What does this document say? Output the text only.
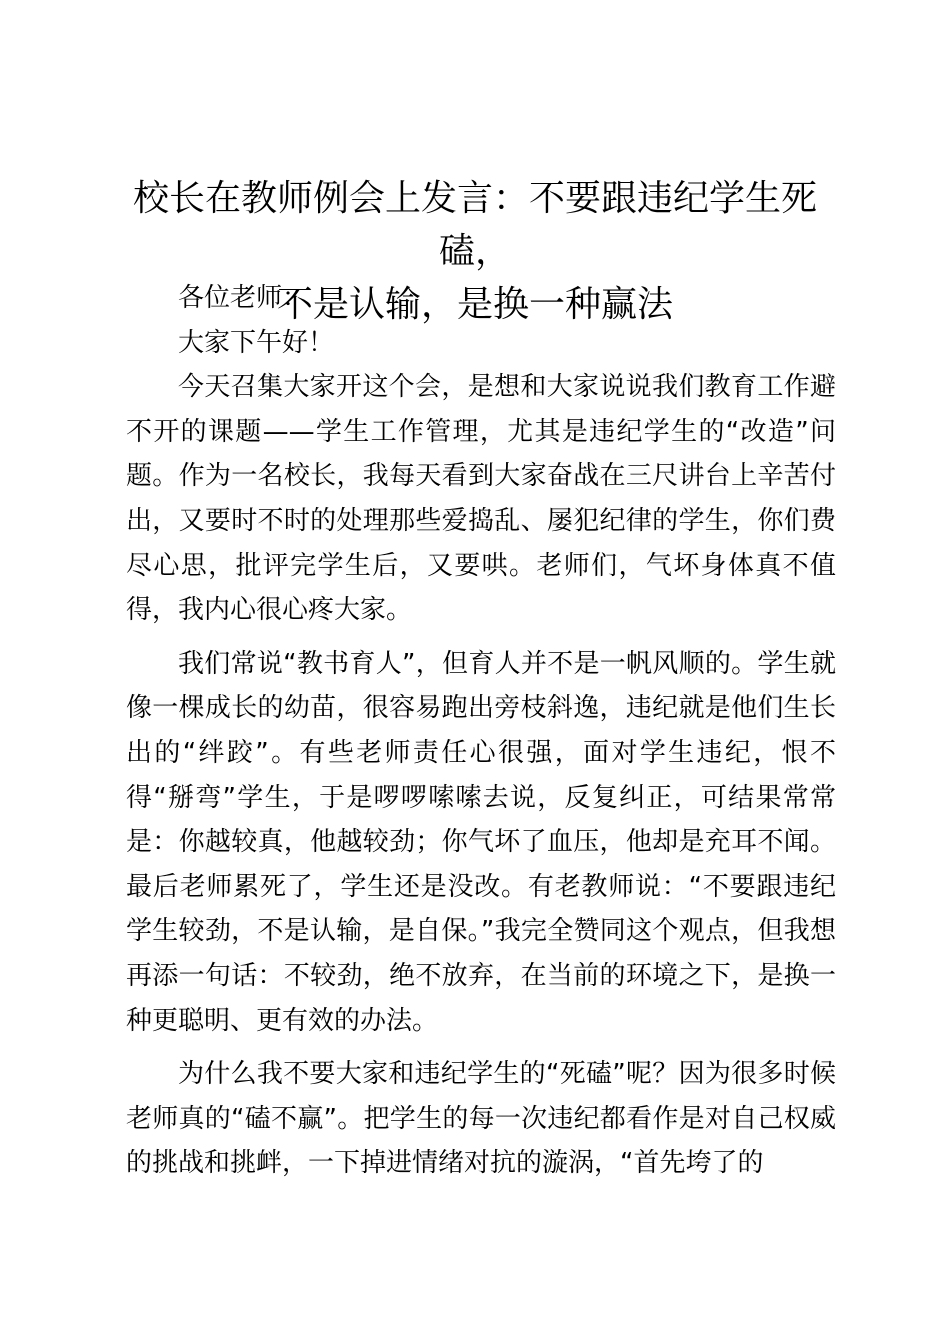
校长在教师例会上发言：不要跟违纪学生死磕，
不是认输，是换一种赢法

各位老师：

大家下午好！

今天召集大家开这个会，是想和大家说说我们教育工作避不开的课题——学生工作管理，尤其是违纪学生的“改造”问题。作为一名校长，我每天看到大家奋战在三尺讲台上辛苦付出，又要时不时的处理那些爱捣乱、屡犯纪律的学生，你们费尽心思，批评完学生后，又要哄。老师们，气坏身体真不值得，我内心很心疼大家。

我们常说“教书育人”，但育人并不是一帆风顺的。学生就像一棵成长的幼苗，很容易跑出旁枝斜逸，违纪就是他们生长出的“绊跤”。有些老师责任心很强，面对学生违纪，恨不得“掰弯”学生，于是啰啰嗦嗦去说，反复纠正，可结果常常是：你越较真，他越较劲；你气坏了血压，他却是充耳不闻。最后老师累死了，学生还是没改。有老教师说：“不要跟违纪学生较劲，不是认输，是自保。”我完全赞同这个观点，但我想再添一句话：不较劲，绝不放弃，在当前的环境之下，是换一种更聪明、更有效的办法。

为什么我不要大家和违纪学生的“死磕”呢？因为很多时候老师真的“磕不赢”。把学生的每一次违纪都看作是对自己权威的挑战和挑衅，一下掉进情绪对抗的漩涡，“首先垮了的
